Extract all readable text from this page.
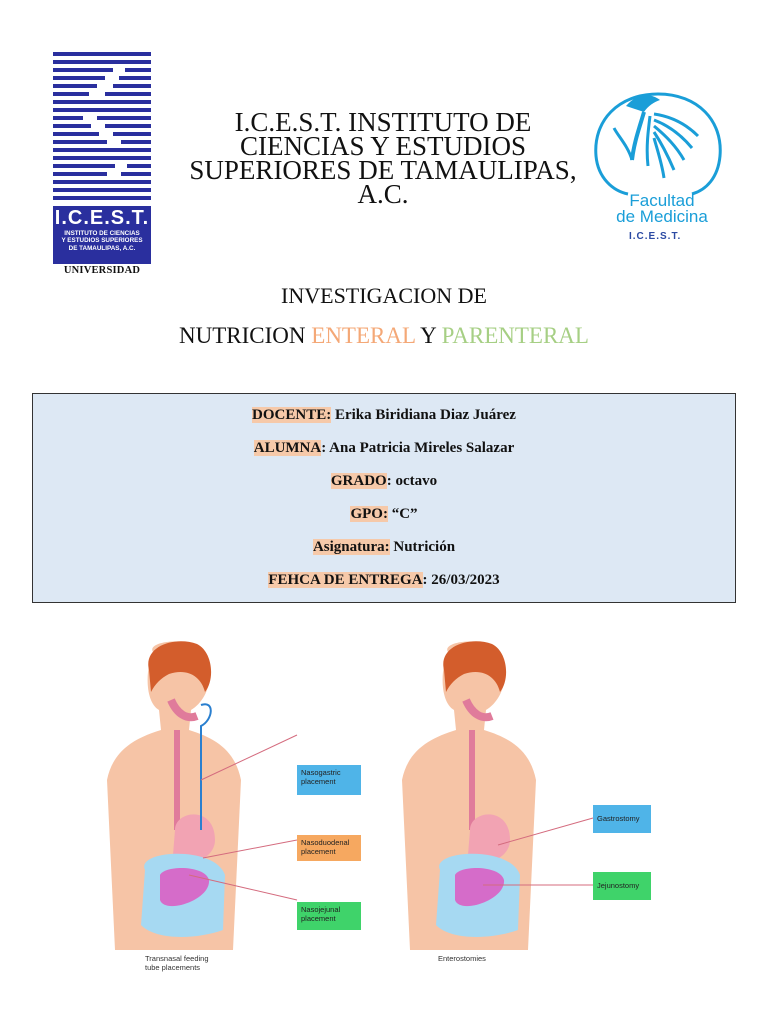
I.C.E.S.T.
INSTITUTO DE CIENCIAS
Y ESTUDIOS SUPERIORES
DE TAMAULIPAS, A.C.
UNIVERSIDAD
I.C.E.S.T. INSTITUTO DE
CIENCIAS Y ESTUDIOS
SUPERIORES DE TAMAULIPAS,
A.C.	Facultad
de Medicina
I.C.E.S.T.
INVESTIGACION DE
NUTRICION ENTERAL Y PARENTERAL
DOCENTE: Erika Biridiana Diaz Juárez
ALUMNA: Ana Patricia Mireles Salazar
GRADO: octavo
GPO: “C”
Asignatura: Nutrición
FEHCA DE ENTREGA: 26/03/2023
Nasogastric
placement
Nasoduodenal
placement
Nasojejunal
placement
Gastrostomy
Jejunostomy
Transnasal feeding
tube placements
Enterostomies
